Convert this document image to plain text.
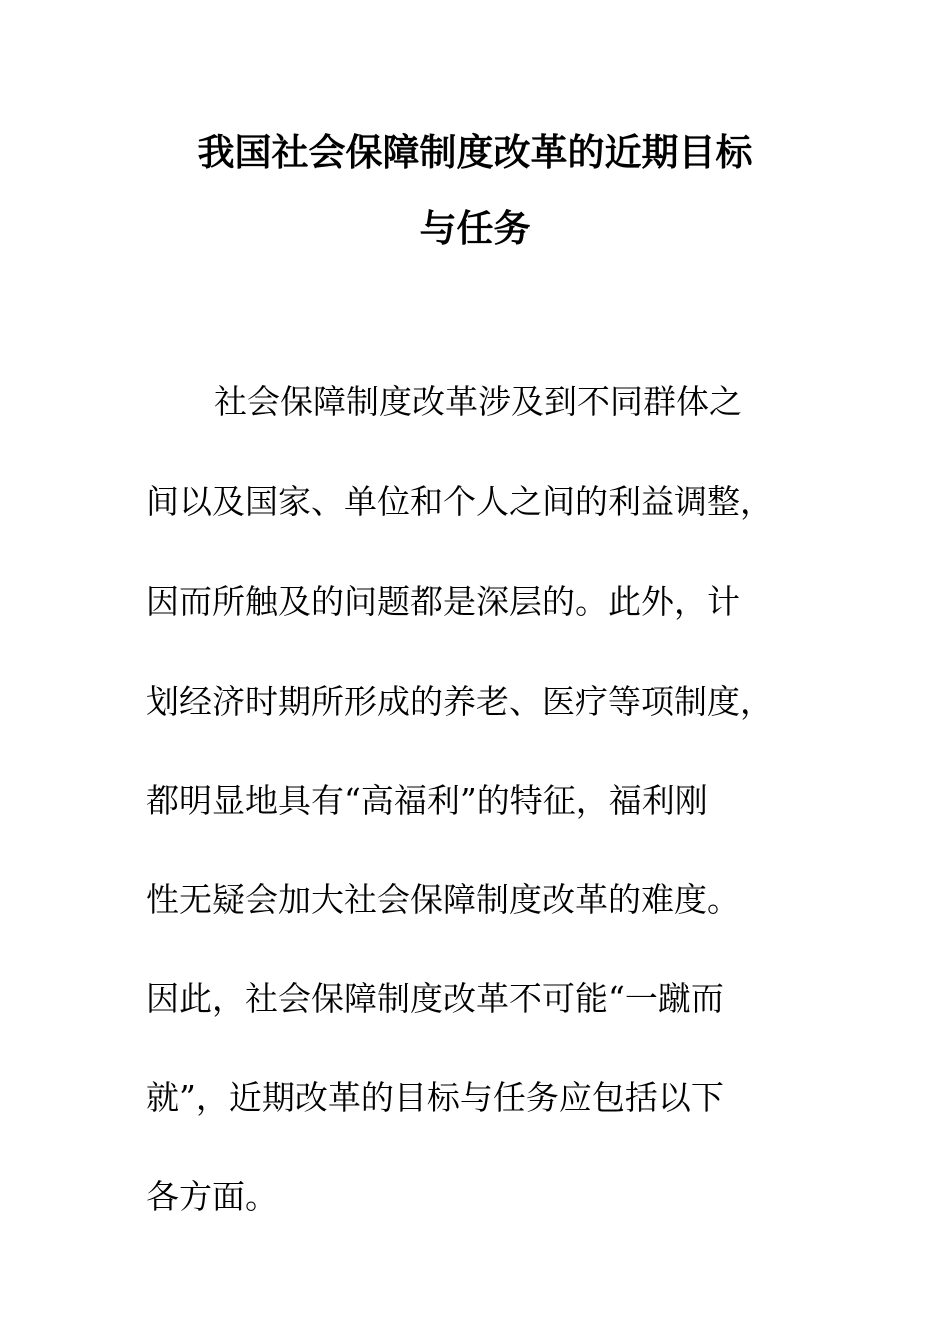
我国社会保障制度改革的近期目标
与任务

社会保障制度改革涉及到不同群体之

间以及国家、单位和个人之间的利益调整，

因而所触及的问题都是深层的。此外，计

划经济时期所形成的养老、医疗等项制度，

都明显地具有“高福利”的特征，福利刚

性无疑会加大社会保障制度改革的难度。

因此，社会保障制度改革不可能“一蹴而

就”，近期改革的目标与任务应包括以下

各方面。
